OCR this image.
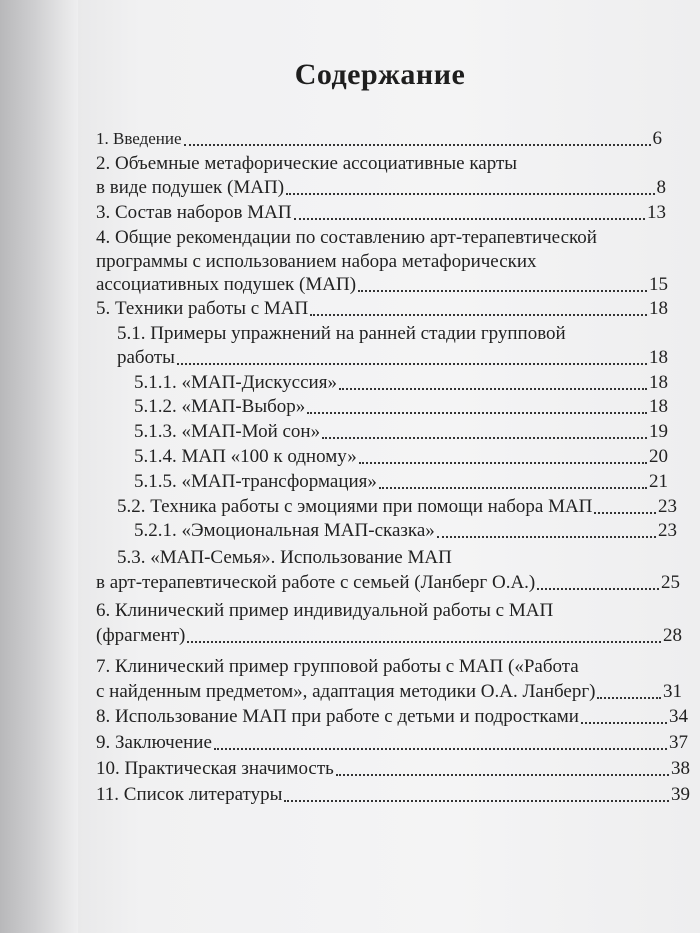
Содержание
1. Введение	6
2. Объемные метафорические ассоциативные карты
в виде подушек (МАП)	8
3. Состав наборов МАП	13
4. Общие рекомендации по составлению арт-терапевтической
программы с использованием набора метафорических
ассоциативных подушек (МАП)	15
5. Техники работы с МАП	18
5.1. Примеры упражнений на ранней стадии групповой
работы	18
5.1.1. «МАП-Дискуссия»	18
5.1.2. «МАП-Выбор»	18
5.1.3. «МАП-Мой сон»	19
5.1.4. МАП «100 к одному»	20
5.1.5. «МАП-трансформация»	21
5.2. Техника работы с эмоциями при помощи набора МАП	23
5.2.1. «Эмоциональная МАП-сказка»	23
5.3. «МАП-Семья». Использование МАП
в арт-терапевтической работе с семьей (Ланберг О.А.)	25
6. Клинический пример индивидуальной работы с МАП
(фрагмент)	28
7. Клинический пример групповой работы с МАП («Работа
с найденным предметом», адаптация методики О.А. Ланберг)	31
8. Использование МАП при работе с детьми и подростками	34
9. Заключение	37
10. Практическая значимость	38
11. Список литературы	39
